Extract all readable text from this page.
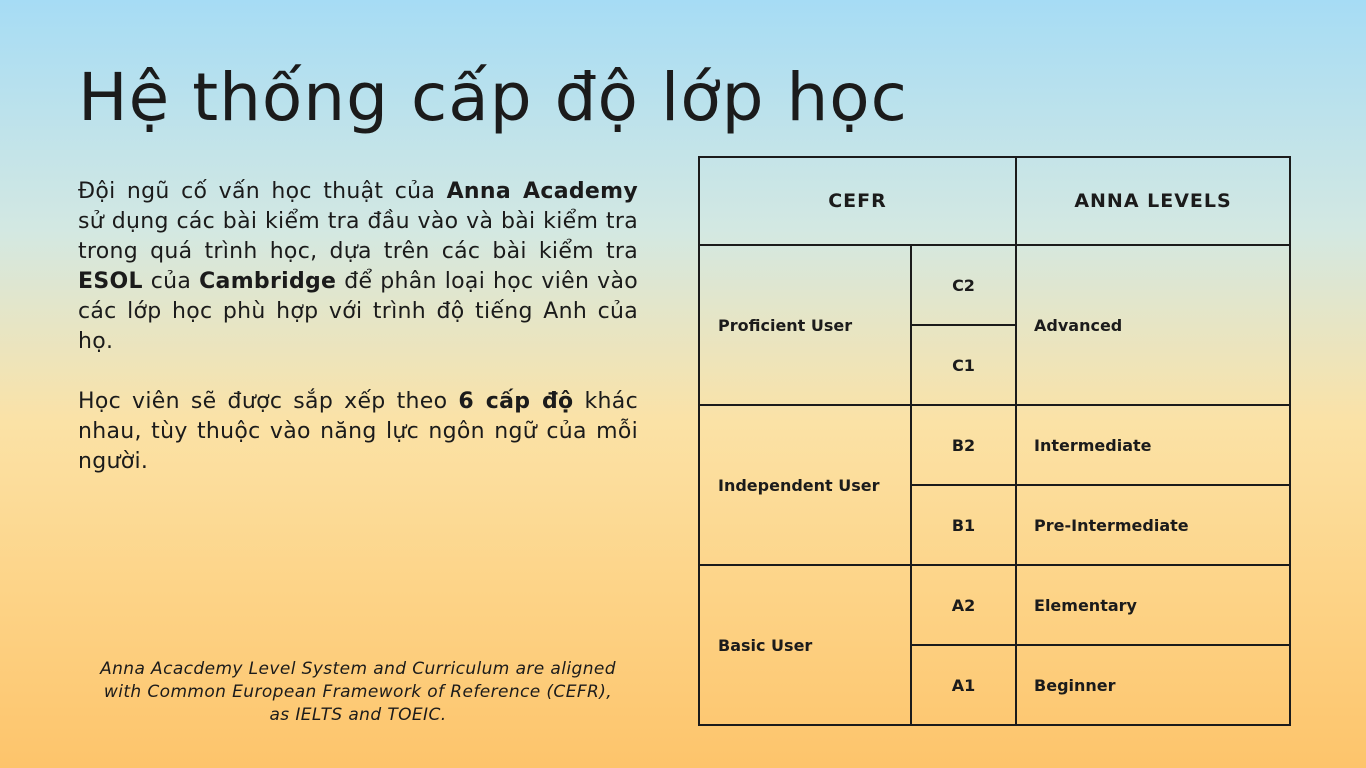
Hệ thống cấp độ lớp học

Đội ngũ cố vấn học thuật của Anna Academy sử dụng các bài kiểm tra đầu vào và bài kiểm tra trong quá trình học, dựa trên các bài kiểm tra ESOL của Cambridge để phân loại học viên vào các lớp học phù hợp với trình độ tiếng Anh của họ.

Học viên sẽ được sắp xếp theo 6 cấp độ khác nhau, tùy thuộc vào năng lực ngôn ngữ của mỗi người.

Anna Acacdemy Level System and Curriculum are aligned
with Common European Framework of Reference (CEFR),
as IELTS and TOEIC.
CEFR		ANNA LEVELS
Proficient User	C2	Advanced
	C1	
Independent User	B2	Intermediate
	B1	Pre-Intermediate
Basic User	A2	Elementary
	A1	Beginner
